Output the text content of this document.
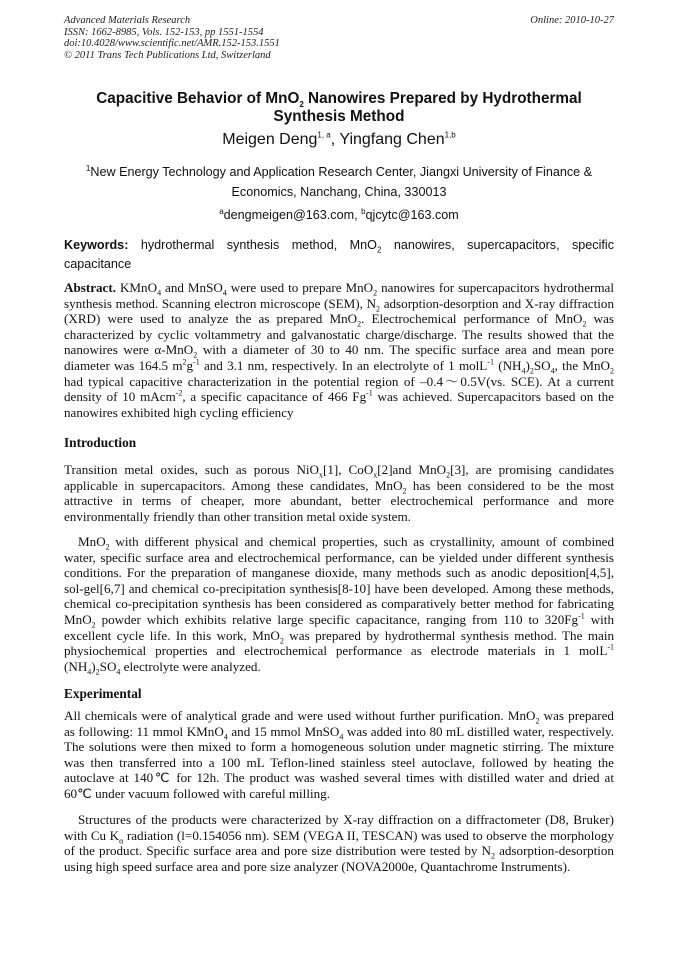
Advanced Materials Research
ISSN: 1662-8985, Vols. 152-153, pp 1551-1554
doi:10.4028/www.scientific.net/AMR.152-153.1551
© 2011 Trans Tech Publications Ltd, Switzerland
Online: 2010-10-27
Capacitive Behavior of MnO$_2$ Nanowires Prepared by Hydrothermal
Synthesis Method
Meigen Deng$^{1, a}$, Yingfang Chen$^{1,b}$
$^1$New Energy Technology and Application Research Center, Jiangxi University of Finance &
Economics, Nanchang, China, 330013
$^a$dengmeigen@163.com, $^b$qjcytc@163.com
Keywords: hydrothermal synthesis method, MnO$_2$ nanowires, supercapacitors, specific capacitance
Abstract. KMnO$_4$ and MnSO$_4$ were used to prepare MnO$_2$ nanowires for supercapacitors hydrothermal synthesis method. Scanning electron microscope (SEM), $N_2$ adsorption-desorption and X-ray diffraction (XRD) were used to analyze the as prepared MnO$_2$. Electrochemical performance of MnO$_2$ was characterized by cyclic voltammetry and galvanostatic charge/discharge. The results showed that the nanowires were α-MnO$_2$ with a diameter of 30 to 40 nm. The specific surface area and mean pore diameter was 164.5 $m^2g^{-1}$ and 3.1 nm, respectively. In an electrolyte of 1 molL$^{-1}$ $(NH_4)_2SO_4$, the MnO$_2$ had typical capacitive characterization in the potential region of –0.4～0.5V(vs. SCE). At a current density of 10 mAcm$^{-2}$, a specific capacitance of 466 $Fg^{-1}$ was achieved. Supercapacitors based on the nanowires exhibited high cycling efficiency
Introduction
Transition metal oxides, such as porous NiO$_x$[1], CoO$_x$[2]and MnO$_2$[3], are promising candidates applicable in supercapacitors. Among these candidates, MnO$_2$ has been considered to be the most attractive in terms of cheaper, more abundant, better electrochemical performance and more environmentally friendly than other transition metal oxide system.
MnO$_2$ with different physical and chemical properties, such as crystallinity, amount of combined water, specific surface area and electrochemical performance, can be yielded under different synthesis conditions. For the preparation of manganese dioxide, many methods such as anodic deposition[4,5], sol-gel[6,7] and chemical co-precipitation synthesis[8-10] have been developed. Among these methods, chemical co-precipitation synthesis has been considered as comparatively better method for fabricating MnO$_2$ powder which exhibits relative large specific capacitance, ranging from 110 to $320Fg^{-1}$ with excellent cycle life. In this work, MnO$_2$ was prepared by hydrothermal synthesis method. The main physiochemical properties and electrochemical performance as electrode materials in 1 molL$^{-1}$ $(NH_4)_2SO_4$ electrolyte were analyzed.
Experimental
All chemicals were of analytical grade and were used without further purification. MnO$_2$ was prepared as following: 11 mmol KMnO$_4$ and 15 mmol MnSO$_4$ was added into 80 mL distilled water, respectively. The solutions were then mixed to form a homogeneous solution under magnetic stirring. The mixture was then transferred into a 100 mL Teflon-lined stainless steel autoclave, followed by heating the autoclave at 140℃ for 12h. The product was washed several times with distilled water and dried at 60℃ under vacuum followed with careful milling.
Structures of the products were characterized by X-ray diffraction on a diffractometer (D8, Bruker) with Cu $K_\alpha$ radiation (l=0.154056 nm). SEM (VEGA II, TESCAN) was used to observe the morphology of the product. Specific surface area and pore size distribution were tested by $N_2$ adsorption-desorption using high speed surface area and pore size analyzer (NOVA2000e, Quantachrome Instruments).
